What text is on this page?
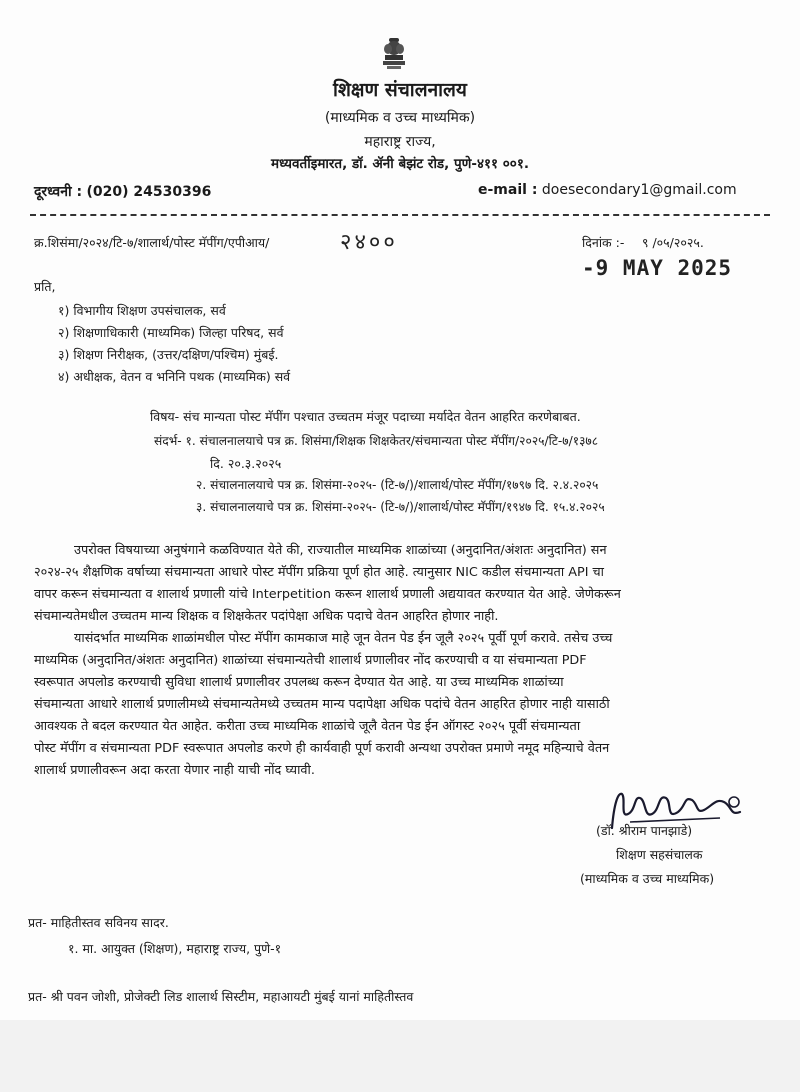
शिक्षण संचालनालय
(माध्यमिक व उच्च माध्यमिक)
महाराष्ट्र राज्य,
मध्यवर्तीइमारत, डॉ. ॲनी बेझंट रोड, पुणे-४११ ००१.
दूरध्वनी : (020) 24530396	e-mail : doesecondary1@gmail.com
क्र.शिसंमा/२०२४/टि-७/शालार्थ/पोस्ट मॅपींग/एपीआय/	२४००	दिनांक :- ९ /०५/२०२५.
-9 MAY 2025
प्रति,
१) विभागीय शिक्षण उपसंचालक, सर्व
२) शिक्षणाधिकारी (माध्यमिक) जिल्हा परिषद, सर्व
३) शिक्षण निरीक्षक, (उत्तर/दक्षिण/पश्चिम) मुंबई.
४) अधीक्षक, वेतन व भनिनि पथक (माध्यमिक) सर्व
विषय- संच मान्यता पोस्ट मॅपींग पश्चात उच्चतम मंजूर पदाच्या मर्यादेत वेतन आहरित करणेबाबत.
संदर्भ- १. संचालनालयाचे पत्र क्र. शिसंमा/शिक्षक शिक्षकेतर/संचमान्यता पोस्ट मॅपींग/२०२५/टि-७/१३७८
दि. २०.३.२०२५
२. संचालनालयाचे पत्र क्र. शिसंमा-२०२५- (टि-७/)/शालार्थ/पोस्ट मॅपींग/१७९७ दि. २.४.२०२५
३. संचालनालयाचे पत्र क्र. शिसंमा-२०२५- (टि-७/)/शालार्थ/पोस्ट मॅपींग/१९४७ दि. १५.४.२०२५
उपरोक्त विषयाच्या अनुषंगाने कळविण्यात येते की, राज्यातील माध्यमिक शाळांच्या (अनुदानित/अंशतः अनुदानित) सन
२०२४-२५ शैक्षणिक वर्षाच्या संचमान्यता आधारे पोस्ट मॅपींग प्रक्रिया पूर्ण होत आहे. त्यानुसार NIC कडील संचमान्यता API चा
वापर करून संचमान्यता व शालार्थ प्रणाली यांचे Interpetition करून शालार्थ प्रणाली अद्ययावत करण्यात येत आहे. जेणेकरून
संचमान्यतेमधील उच्चतम मान्य शिक्षक व शिक्षकेतर पदांपेक्षा अधिक पदाचे वेतन आहरित होणार नाही.
यासंदर्भात माध्यमिक शाळांमधील पोस्ट मॅपींग कामकाज माहे जून वेतन पेड ईन जूलै २०२५ पूर्वी पूर्ण करावे. तसेच उच्च
माध्यमिक (अनुदानित/अंशतः अनुदानित) शाळांच्या संचमान्यतेची शालार्थ प्रणालीवर नोंद करण्याची व या संचमान्यता PDF
स्वरूपात अपलोड करण्याची सुविधा शालार्थ प्रणालीवर उपलब्ध करून देण्यात येत आहे. या उच्च माध्यमिक शाळांच्या
संचमान्यता आधारे शालार्थ प्रणालीमध्ये संचमान्यतेमध्ये उच्चतम मान्य पदापेक्षा अधिक पदांचे वेतन आहरित होणार नाही यासाठी
आवश्यक ते बदल करण्यात येत आहेत. करीता उच्च माध्यमिक शाळांचे जूलै वेतन पेड ईन ऑगस्ट २०२५ पूर्वी संचमान्यता
पोस्ट मॅपींग व संचमान्यता PDF स्वरूपात अपलोड करणे ही कार्यवाही पूर्ण करावी अन्यथा उपरोक्त प्रमाणे नमूद महिन्याचे वेतन
शालार्थ प्रणालीवरून अदा करता येणार नाही याची नोंद घ्यावी.
(डॉ. श्रीराम पानझाडे)
शिक्षण सहसंचालक
(माध्यमिक व उच्च माध्यमिक)
प्रत- माहितीस्तव सविनय सादर.
१. मा. आयुक्त (शिक्षण), महाराष्ट्र राज्य, पुणे-१
प्रत- श्री पवन जोशी, प्रोजेक्टी लिड शालार्थ सिस्टीम, महाआयटी मुंबई यानां माहितीस्तव
